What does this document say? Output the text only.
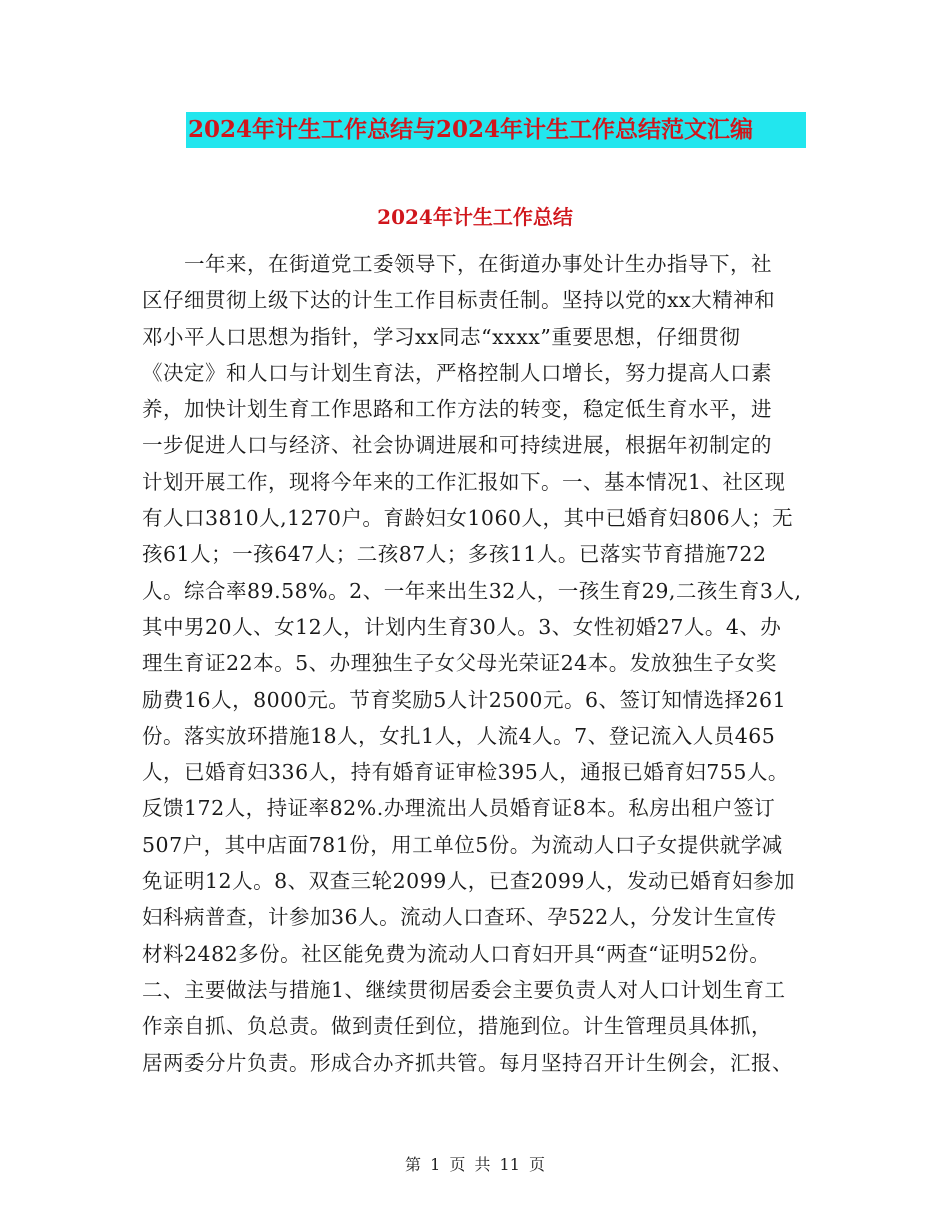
2024年计生工作总结与2024年计生工作总结范文汇编
2024年计生工作总结
　　一年来，在街道党工委领导下，在街道办事处计生办指导下，社
区仔细贯彻上级下达的计生工作目标责任制。坚持以党的xx大精神和
邓小平人口思想为指针，学习xx同志“xxxx”重要思想，仔细贯彻
《决定》和人口与计划生育法，严格控制人口增长，努力提高人口素
养，加快计划生育工作思路和工作方法的转变，稳定低生育水平，进
一步促进人口与经济、社会协调进展和可持续进展，根据年初制定的
计划开展工作，现将今年来的工作汇报如下。一、基本情况1、社区现
有人口3810人,1270户。育龄妇女1060人，其中已婚育妇806人；无
孩61人；一孩647人；二孩87人；多孩11人。已落实节育措施722
人。综合率89.58%。2、一年来出生32人，一孩生育29,二孩生育3人,
其中男20人、女12人，计划内生育30人。3、女性初婚27人。4、办
理生育证22本。5、办理独生子女父母光荣证24本。发放独生子女奖
励费16人，8000元。节育奖励5人计2500元。6、签订知情选择261
份。落实放环措施18人，女扎1人，人流4人。7、登记流入人员465
人，已婚育妇336人，持有婚育证审检395人，通报已婚育妇755人。
反馈172人，持证率82%.办理流出人员婚育证8本。私房出租户签订
507户，其中店面781份，用工单位5份。为流动人口子女提供就学减
免证明12人。8、双查三轮2099人，已查2099人，发动已婚育妇参加
妇科病普查，计参加36人。流动人口查环、孕522人，分发计生宣传
材料2482多份。社区能免费为流动人口育妇开具“两查“证明52份。
二、主要做法与措施1、继续贯彻居委会主要负责人对人口计划生育工
作亲自抓、负总责。做到责任到位，措施到位。计生管理员具体抓，
居两委分片负责。形成合办齐抓共管。每月坚持召开计生例会，汇报、
第 1 页 共 11 页
